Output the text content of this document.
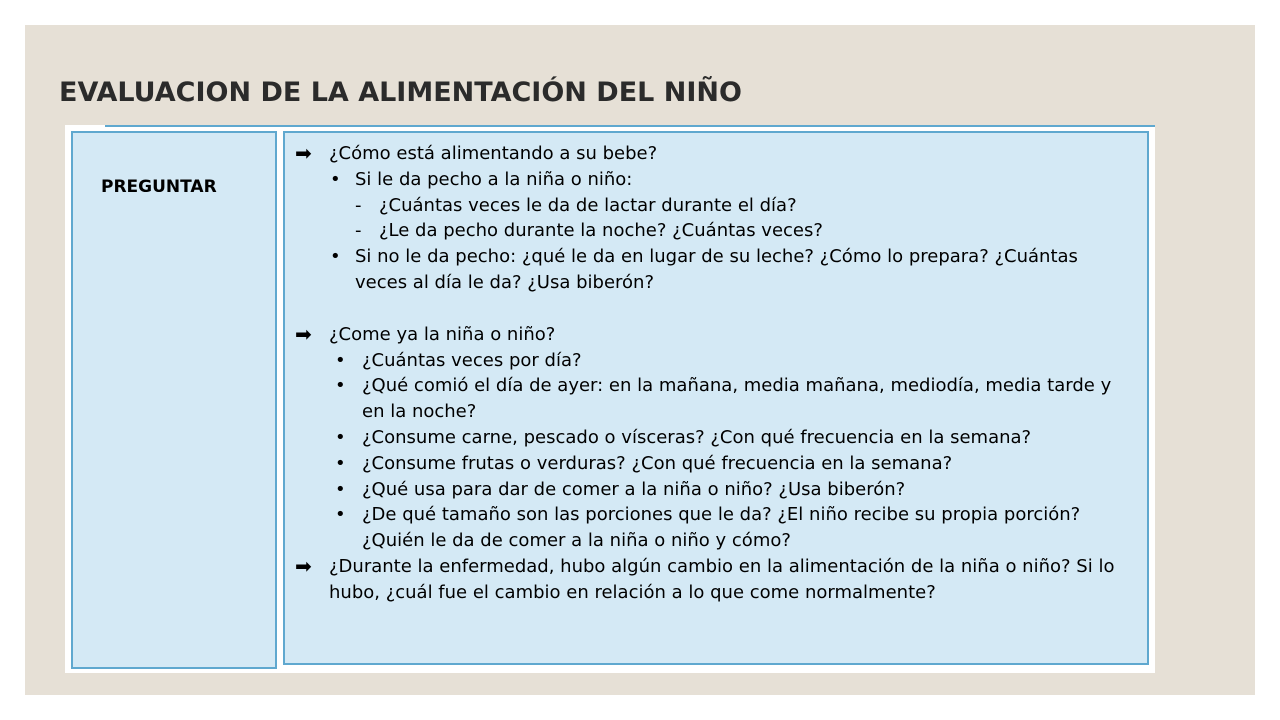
EVALUACION DE LA ALIMENTACIÓN DEL NIÑO
PREGUNTAR
➡ ¿Cómo está alimentando a su bebe?
• Si le da pecho a la niña o niño:
- ¿Cuántas veces le da de lactar durante el día?
- ¿Le da pecho durante la noche? ¿Cuántas veces?
• Si no le da pecho: ¿qué le da en lugar de su leche? ¿Cómo lo prepara? ¿Cuántas veces al día le da? ¿Usa biberón?
➡ ¿Come ya la niña o niño?
• ¿Cuántas veces por día?
• ¿Qué comió el día de ayer: en la mañana, media mañana, mediodía, media tarde y en la noche?
• ¿Consume carne, pescado o vísceras? ¿Con qué frecuencia en la semana?
• ¿Consume frutas o verduras? ¿Con qué frecuencia en la semana?
• ¿Qué usa para dar de comer a la niña o niño? ¿Usa biberón?
• ¿De qué tamaño son las porciones que le da? ¿El niño recibe su propia porción? ¿Quién le da de comer a la niña o niño y cómo?
➡ ¿Durante la enfermedad, hubo algún cambio en la alimentación de la niña o niño? Si lo hubo, ¿cuál fue el cambio en relación a lo que come normalmente?
